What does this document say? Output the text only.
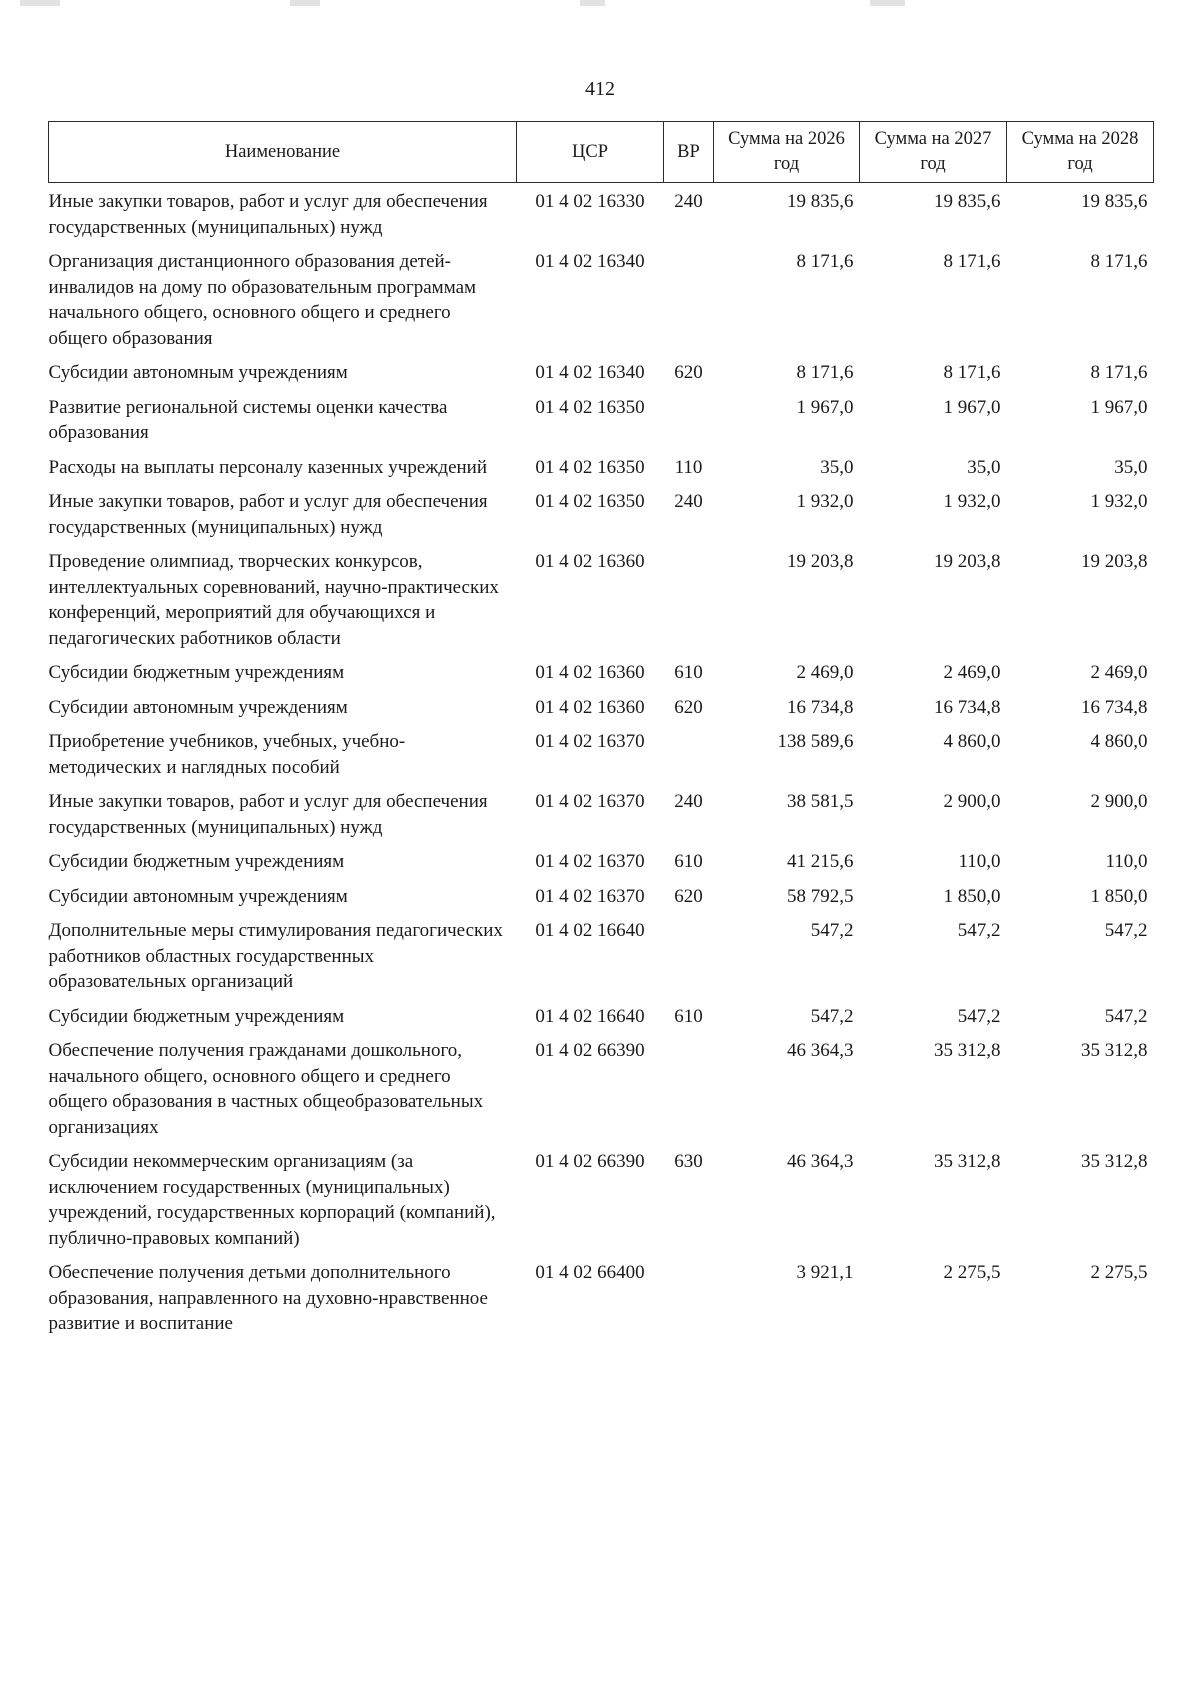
412
Наименование	ЦСР	ВР	Сумма на 2026 год	Сумма на 2027 год	Сумма на 2028 год
Иные закупки товаров, работ и услуг для обеспечения государственных (муниципальных) нужд	01 4 02 16330	240	19 835,6	19 835,6	19 835,6
Организация дистанционного образования детей-инвалидов на дому по образовательным программам начального общего, основного общего и среднего общего образования	01 4 02 16340		8 171,6	8 171,6	8 171,6
Субсидии автономным учреждениям	01 4 02 16340	620	8 171,6	8 171,6	8 171,6
Развитие региональной системы оценки качества образования	01 4 02 16350		1 967,0	1 967,0	1 967,0
Расходы на выплаты персоналу казенных учреждений	01 4 02 16350	110	35,0	35,0	35,0
Иные закупки товаров, работ и услуг для обеспечения государственных (муниципальных) нужд	01 4 02 16350	240	1 932,0	1 932,0	1 932,0
Проведение олимпиад, творческих конкурсов, интеллектуальных соревнований, научно-практических конференций, мероприятий для обучающихся и педагогических работников области	01 4 02 16360		19 203,8	19 203,8	19 203,8
Субсидии бюджетным учреждениям	01 4 02 16360	610	2 469,0	2 469,0	2 469,0
Субсидии автономным учреждениям	01 4 02 16360	620	16 734,8	16 734,8	16 734,8
Приобретение учебников, учебных, учебно-методических и наглядных пособий	01 4 02 16370		138 589,6	4 860,0	4 860,0
Иные закупки товаров, работ и услуг для обеспечения государственных (муниципальных) нужд	01 4 02 16370	240	38 581,5	2 900,0	2 900,0
Субсидии бюджетным учреждениям	01 4 02 16370	610	41 215,6	110,0	110,0
Субсидии автономным учреждениям	01 4 02 16370	620	58 792,5	1 850,0	1 850,0
Дополнительные меры стимулирования педагогических работников областных государственных образовательных организаций	01 4 02 16640		547,2	547,2	547,2
Субсидии бюджетным учреждениям	01 4 02 16640	610	547,2	547,2	547,2
Обеспечение получения гражданами дошкольного, начального общего, основного общего и среднего общего образования в частных общеобразовательных организациях	01 4 02 66390		46 364,3	35 312,8	35 312,8
Субсидии некоммерческим организациям (за исключением государственных (муниципальных) учреждений, государственных корпораций (компаний), публично-правовых компаний)	01 4 02 66390	630	46 364,3	35 312,8	35 312,8
Обеспечение получения детьми дополнительного образования, направленного на духовно-нравственное развитие и воспитание	01 4 02 66400		3 921,1	2 275,5	2 275,5
